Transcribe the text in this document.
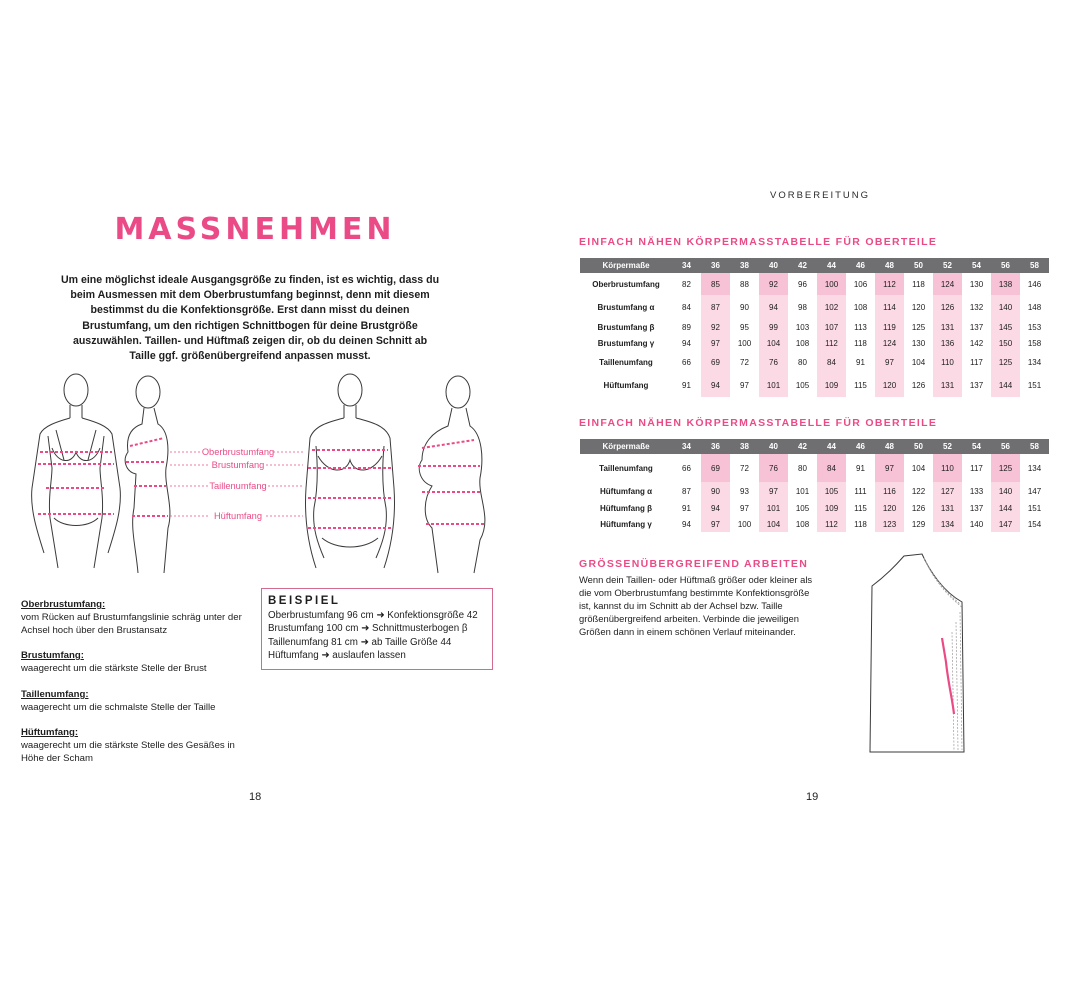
MASSNEHMEN
Um eine möglichst ideale Ausgangsgröße zu finden, ist es wichtig, dass du beim Ausmessen mit dem Oberbrustumfang beginnst, denn mit diesem bestimmst du die Konfektionsgröße. Erst dann misst du deinen Brustumfang, um den richtigen Schnittbogen für deine Brustgröße auszuwählen. Taillen- und Hüftmaß zeigen dir, ob du deinen Schnitt ab Taille ggf. größenübergreifend anpassen musst.
Oberbrustumfang
Brustumfang
Taillenumfang
Hüftumfang
Oberbrustumfang:
vom Rücken auf Brustumfangslinie schräg unter der Achsel hoch über den Brustansatz
Brustumfang:
waagerecht um die stärkste Stelle der Brust
Taillenumfang:
waagerecht um die schmalste Stelle der Taille
Hüftumfang:
waagerecht um die stärkste Stelle des Gesäßes in Höhe der Scham
BEISPIEL
Oberbrustumfang 96 cm ➜ Konfektionsgröße 42
Brustumfang 100 cm ➜ Schnittmusterbogen β
Taillenumfang 81 cm ➜ ab Taille Größe 44
Hüftumfang ➜ auslaufen lassen
18
VORBEREITUNG
EINFACH NÄHEN KÖRPERMASSTABELLE FÜR OBERTEILE
Körpermaße	34	36	38	40	42	44	46	48	50	52	54	56	58
Oberbrustumfang	82	85	88	92	96	100	106	112	118	124	130	138	146
Brustumfang α	84	87	90	94	98	102	108	114	120	126	132	140	148
Brustumfang β	89	92	95	99	103	107	113	119	125	131	137	145	153
Brustumfang γ	94	97	100	104	108	112	118	124	130	136	142	150	158
Taillenumfang	66	69	72	76	80	84	91	97	104	110	117	125	134
Hüftumfang	91	94	97	101	105	109	115	120	126	131	137	144	151
EINFACH NÄHEN KÖRPERMASSTABELLE FÜR OBERTEILE
Körpermaße	34	36	38	40	42	44	46	48	50	52	54	56	58
Taillenumfang	66	69	72	76	80	84	91	97	104	110	117	125	134
Hüftumfang α	87	90	93	97	101	105	111	116	122	127	133	140	147
Hüftumfang β	91	94	97	101	105	109	115	120	126	131	137	144	151
Hüftumfang γ	94	97	100	104	108	112	118	123	129	134	140	147	154
GRÖSSENÜBERGREIFEND ARBEITEN
Wenn dein Taillen- oder Hüftmaß größer oder kleiner als die vom Oberbrustumfang bestimmte Konfektionsgröße ist, kannst du im Schnitt ab der Achsel bzw. Taille größenübergreifend arbeiten. Verbinde die jeweiligen Größen dann in einem schönen Verlauf miteinander.
19
